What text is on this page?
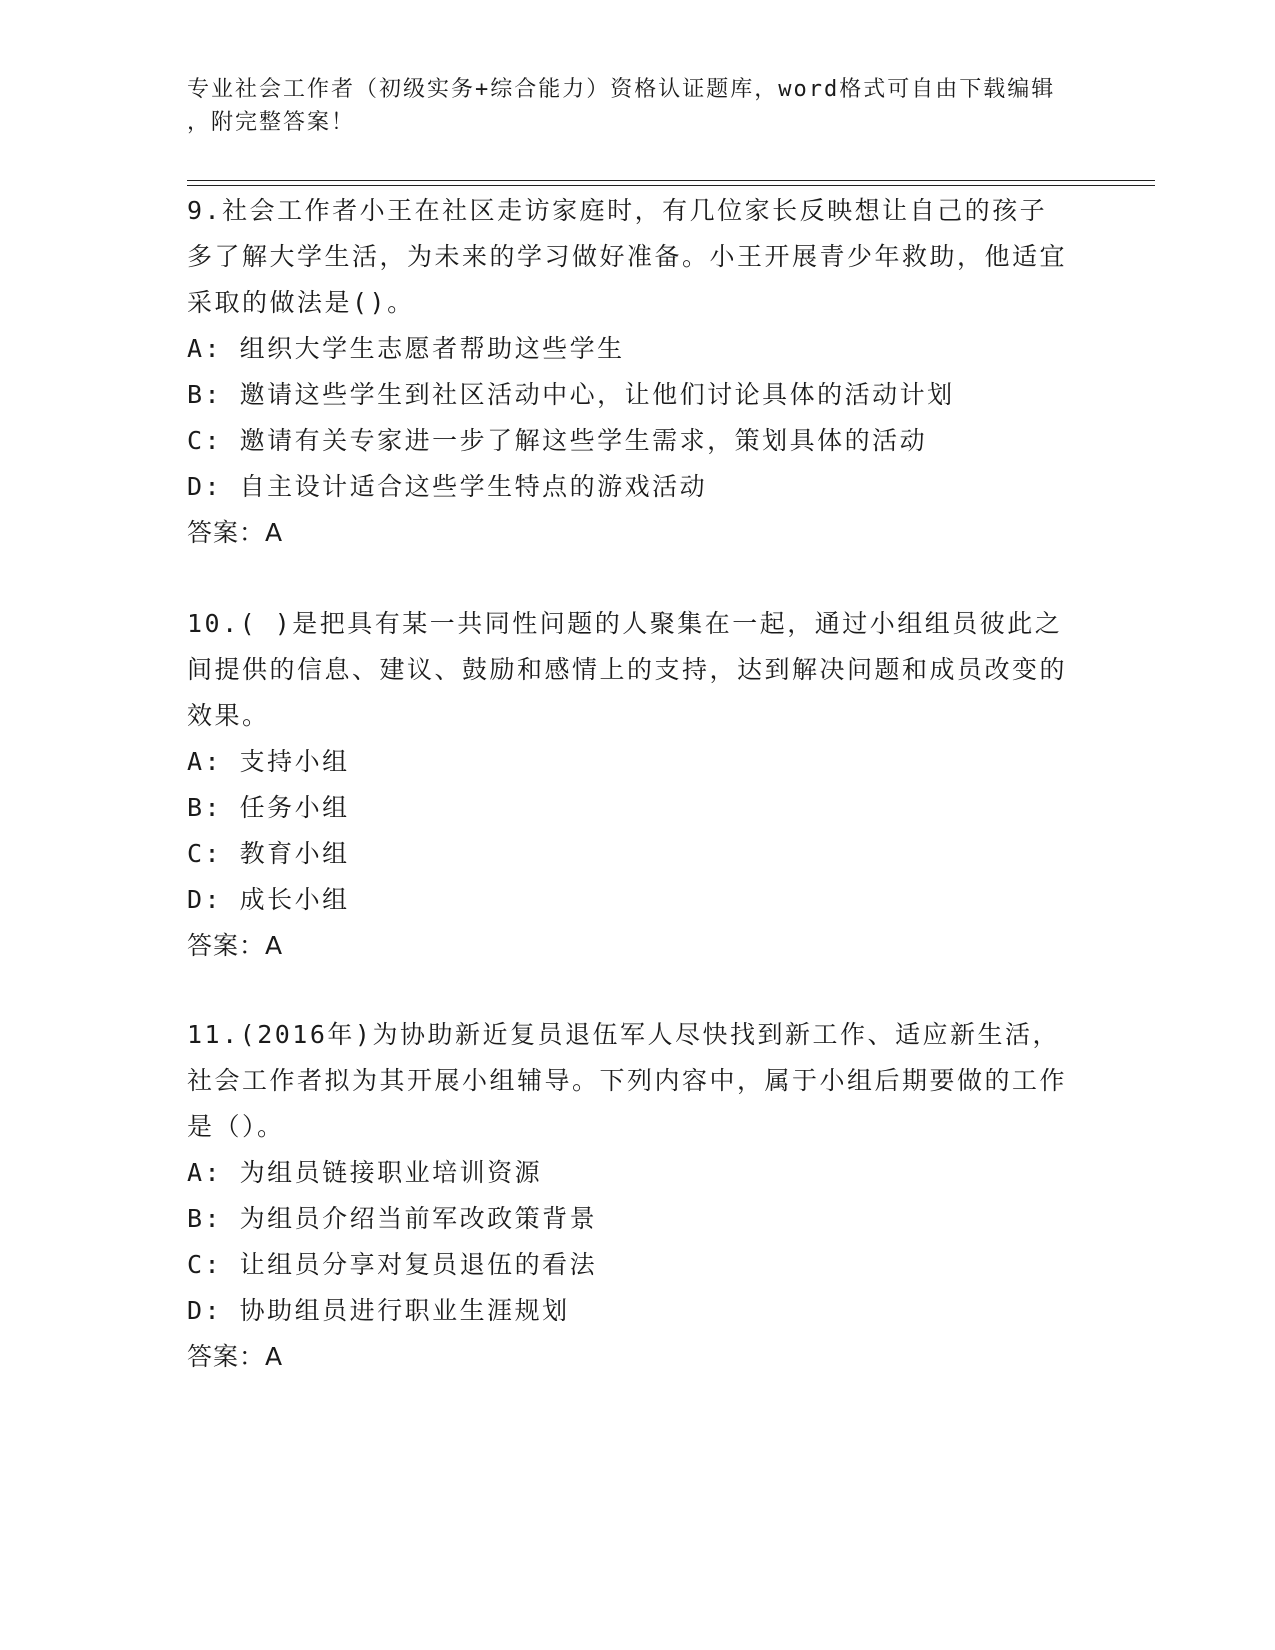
专业社会工作者（初级实务+综合能力）资格认证题库，word格式可自由下载编辑
，附完整答案！

9.社会工作者小王在社区走访家庭时，有几位家长反映想让自己的孩子多了解大学生活，为未来的学习做好准备。小王开展青少年救助，他适宜采取的做法是()。

A: 组织大学生志愿者帮助这些学生

B: 邀请这些学生到社区活动中心，让他们讨论具体的活动计划

C: 邀请有关专家进一步了解这些学生需求，策划具体的活动

D: 自主设计适合这些学生特点的游戏活动

答案：A

10.( )是把具有某一共同性问题的人聚集在一起，通过小组组员彼此之间提供的信息、建议、鼓励和感情上的支持，达到解决问题和成员改变的效果。

A: 支持小组

B: 任务小组

C: 教育小组

D: 成长小组

答案：A

11.(2016年)为协助新近复员退伍军人尽快找到新工作、适应新生活，社会工作者拟为其开展小组辅导。下列内容中，属于小组后期要做的工作是（）。

A: 为组员链接职业培训资源

B: 为组员介绍当前军改政策背景

C: 让组员分享对复员退伍的看法

D: 协助组员进行职业生涯规划

答案：A
